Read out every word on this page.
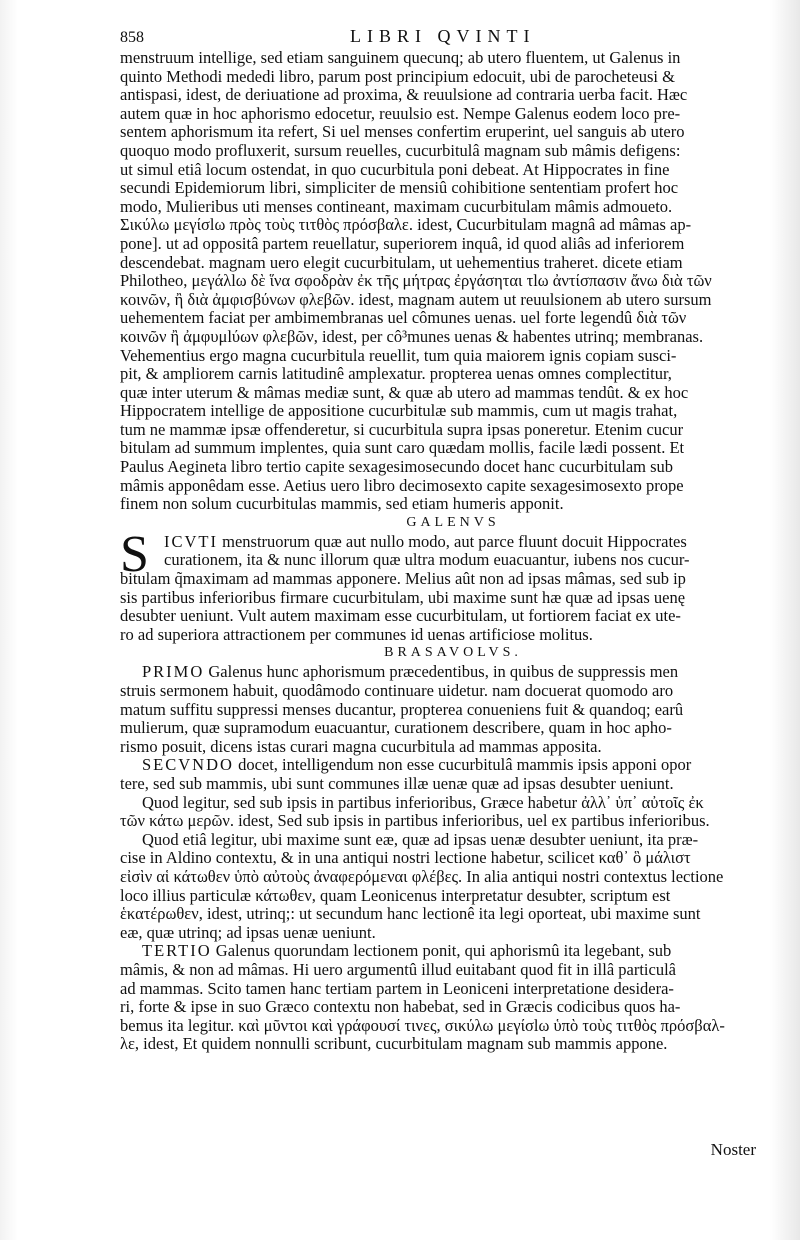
858	LIBRI QVINTI
menstruum intellige, sed etiam sanguinem quecunq; ab utero fluentem, ut Galenus in
quinto Methodi mededi libro, parum post principium edocuit, ubi de parocheteusi &
antispasi, idest, de deriuatione ad proxima, & reuulsione ad contraria uerba facit. Hæc
autem quæ in hoc aphorismo edocetur, reuulsio est. Nempe Galenus eodem loco pre-
sentem aphorismum ita refert, Si uel menses confertim eruperint, uel sanguis ab utero
quoquo modo profluxerit, sursum reuelles, cucurbitulâ magnam sub mâmis defigens:
ut simul etiâ locum ostendat, in quo cucurbitula poni debeat. At Hippocrates in fine
secundi Epidemiorum libri, simpliciter de mensiû cohibitione sententiam profert hoc
modo, Mulieribus uti menses contineant, maximam cucurbitulam mâmis admoueto.
Σικύλω μεγίσlω πρὸς τοὺς τιτθὸς πρόσβαλε. idest, Cucurbitulam magnâ ad mâmas ap-
pone]. ut ad oppositâ partem reuellatur, superiorem inquâ, id quod aliâs ad inferiorem
descendebat. magnam uero elegit cucurbitulam, ut uehementius traheret. dicete etiam
Philotheo, μεγάλlω δὲ ἵνα σφοδρὰν ἐκ τῆς μήτρας ἐργάσηται τlω ἀντίσπασιν ἄνω διὰ τῶν
κοινῶν, ἢ διὰ ἀμφισβύνων φλεβῶν. idest, magnam autem ut reuulsionem ab utero sursum
uehementem faciat per ambimembranas uel cômunes uenas. uel forte legendû διὰ τῶν
κοινῶν ἢ ἀμφυμlύων φλεβῶν, idest, per cô³munes uenas & habentes utrinq; membranas.
Vehementius ergo magna cucurbitula reuellit, tum quia maiorem ignis copiam susci-
pit, & ampliorem carnis latitudinê amplexatur. propterea uenas omnes complectitur,
quæ inter uterum & mâmas mediæ sunt, & quæ ab utero ad mammas tendût. & ex hoc
Hippocratem intellige de appositione cucurbitulæ sub mammis, cum ut magis trahat,
tum ne mammæ ipsæ offenderetur, si cucurbitula supra ipsas poneretur. Etenim cucur
bitulam ad summum implentes, quia sunt caro quædam mollis, facile lædi possent. Et
Paulus Aegineta libro tertio capite sexagesimosecundo docet hanc cucurbitulam sub
mâmis apponêdam esse. Aetius uero libro decimosexto capite sexagesimosexto prope
finem non solum cucurbitulas mammis, sed etiam humeris apponit.
GALENVS
S ICVTI menstruorum quæ aut nullo modo, aut parce fluunt docuit Hippocrates
curationem, ita & nunc illorum quæ ultra modum euacuantur, iubens nos cucur-
bitulam q̃maximam ad mammas apponere. Melius aût non ad ipsas mâmas, sed sub ip
sis partibus inferioribus firmare cucurbitulam, ubi maxime sunt hæ quæ ad ipsas uenę
desubter ueniunt. Vult autem maximam esse cucurbitulam, ut fortiorem faciat ex ute-
ro ad superiora attractionem per communes id uenas artificiose molitus.
BRASAVOLVS.
PRIMO Galenus hunc aphorismum præcedentibus, in quibus de suppressis men
struis sermonem habuit, quodâmodo continuare uidetur. nam docuerat quomodo aro
matum suffitu suppressi menses ducantur, propterea conueniens fuit & quandoq; earû
mulierum, quæ supramodum euacuantur, curationem describere, quam in hoc apho-
rismo posuit, dicens istas curari magna cucurbitula ad mammas apposita.
SECVNDO docet, intelligendum non esse cucurbitulâ mammis ipsis apponi opor
tere, sed sub mammis, ubi sunt communes illæ uenæ quæ ad ipsas desubter ueniunt.
Quod legitur, sed sub ipsis in partibus inferioribus, Græce habetur ἀλλ᾽ ὑπ᾽ αὐτοῖς ἐκ
τῶν κάτω μερῶν. idest, Sed sub ipsis in partibus inferioribus, uel ex partibus inferioribus.
Quod etiâ legitur, ubi maxime sunt eæ, quæ ad ipsas uenæ desubter ueniunt, ita præ-
cise in Aldino contextu, & in una antiqui nostri lectione habetur, scilicet καθ᾽ ὃ μάλιστ
εἰσὶν αἱ κάτωθεν ὑπὸ αὐτοὺς ἀναφερόμεναι φλέβες. In alia antiqui nostri contextus lectione
loco illius particulæ κάτωθεν, quam Leonicenus interpretatur desubter, scriptum est
ἑκατέρωθεν, idest, utrinq;: ut secundum hanc lectionê ita legi oporteat, ubi maxime sunt
eæ, quæ utrinq; ad ipsas uenæ ueniunt.
TERTIO Galenus quorundam lectionem ponit, qui aphorismû ita legebant, sub
mâmis, & non ad mâmas. Hi uero argumentû illud euitabant quod fit in illâ particulâ
ad mammas. Scito tamen hanc tertiam partem in Leoniceni interpretatione desidera-
ri, forte & ipse in suo Græco contextu non habebat, sed in Græcis codicibus quos ha-
bemus ita legitur. καὶ μῦντοι καὶ γράφουσί τινες, σικύλω μεγίσlω ὑπὸ τοὺς τιτθὸς πρόσβαλ-
λε, idest, Et quidem nonnulli scribunt, cucurbitulam magnam sub mammis appone.
Noster
